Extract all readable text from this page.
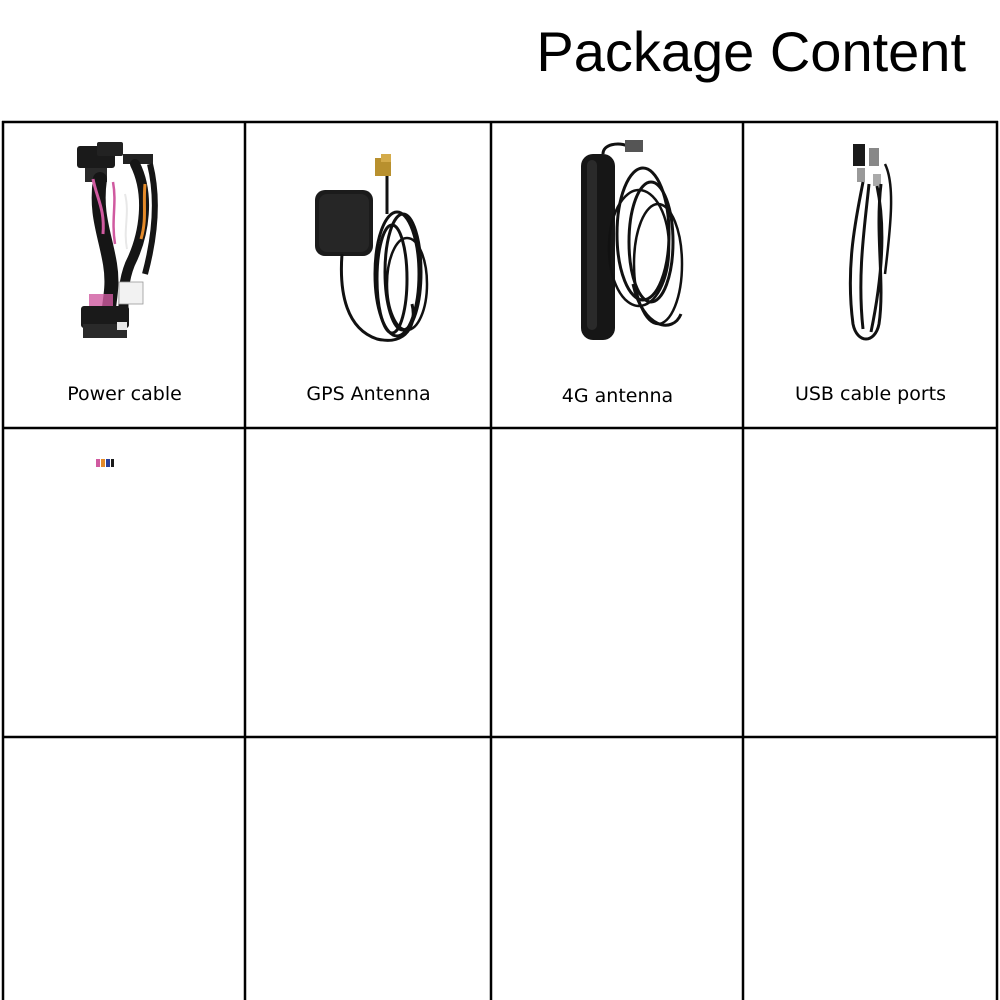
Package Content
Power cable	GPS Antenna	4G antenna	USB cable ports
